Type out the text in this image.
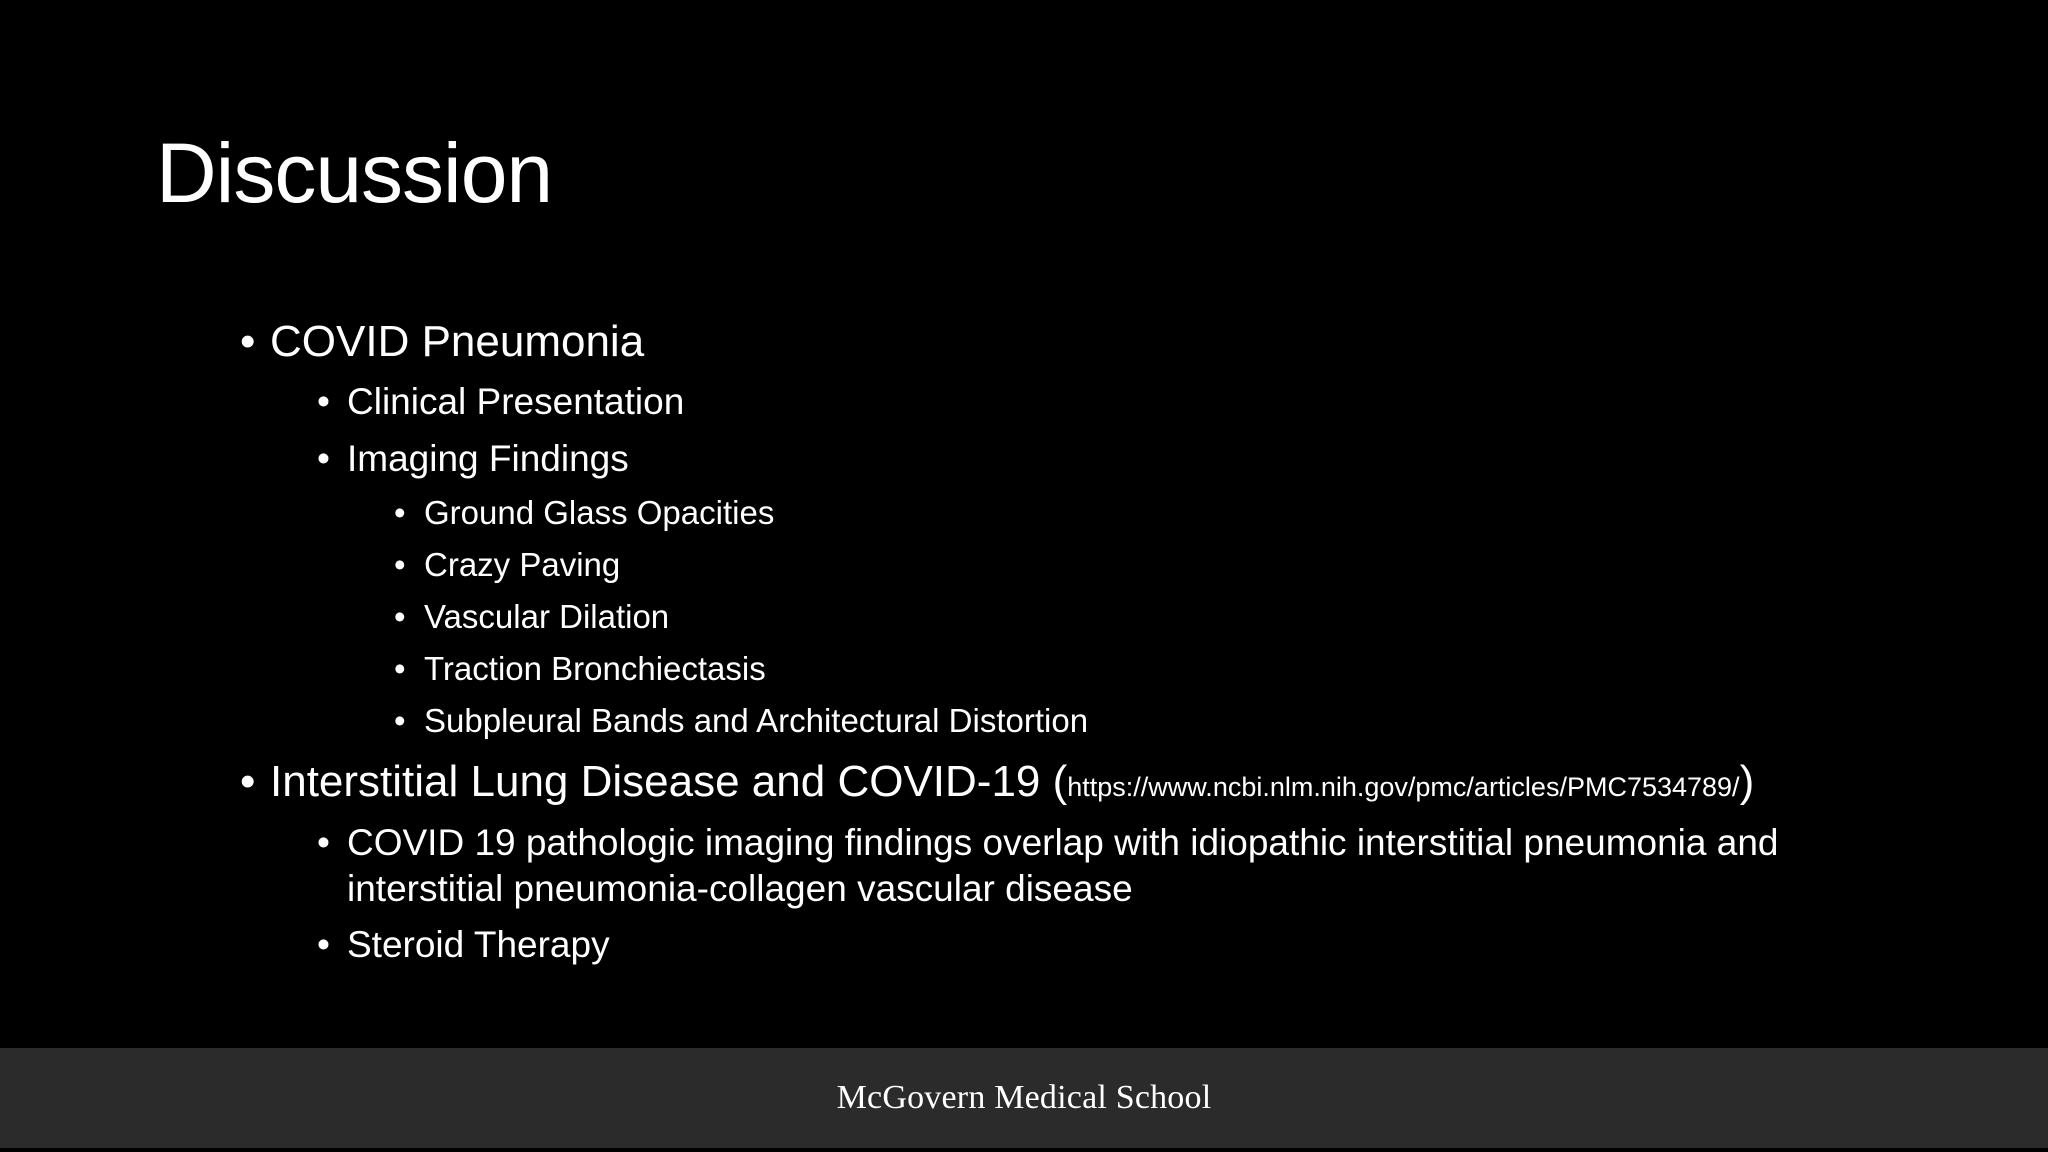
Discussion
• COVID Pneumonia
• Clinical Presentation
• Imaging Findings
• Ground Glass Opacities
• Crazy Paving
• Vascular Dilation
• Traction Bronchiectasis
• Subpleural Bands and Architectural Distortion
• Interstitial Lung Disease and COVID-19 (https://www.ncbi.nlm.nih.gov/pmc/articles/PMC7534789/)
• COVID 19 pathologic imaging findings overlap with idiopathic interstitial pneumonia and
interstitial pneumonia-collagen vascular disease
• Steroid Therapy
McGovern Medical School
